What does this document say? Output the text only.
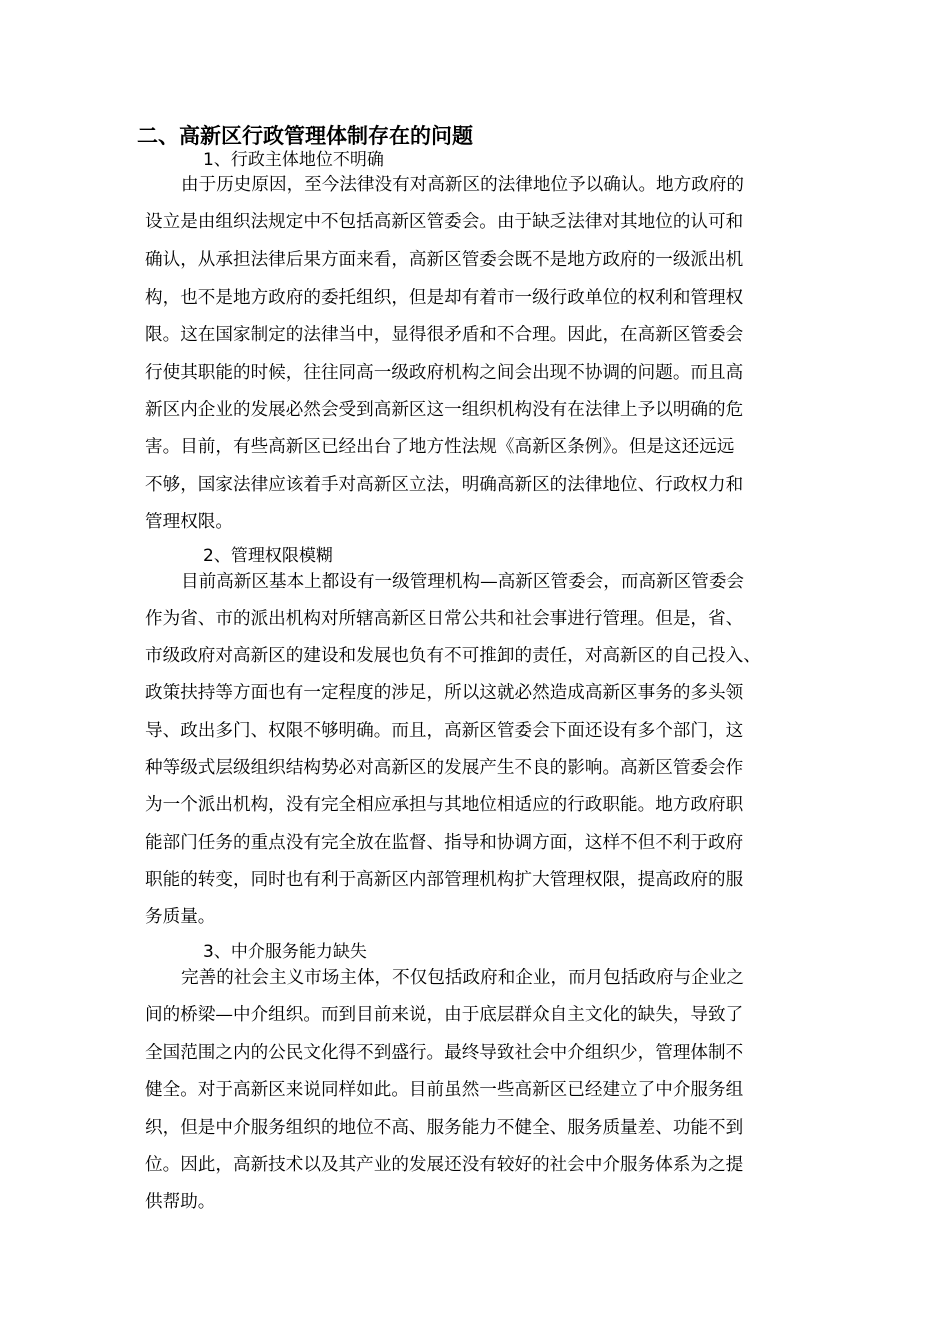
二、高新区行政管理体制存在的问题
1、行政主体地位不明确
由于历史原因，至今法律没有对高新区的法律地位予以确认。地方政府的
设立是由组织法规定中不包括高新区管委会。由于缺乏法律对其地位的认可和
确认，从承担法律后果方面来看，高新区管委会既不是地方政府的一级派出机
构，也不是地方政府的委托组织，但是却有着市一级行政单位的权利和管理权
限。这在国家制定的法律当中，显得很矛盾和不合理。因此，在高新区管委会
行使其职能的时候，往往同高一级政府机构之间会出现不协调的问题。而且高
新区内企业的发展必然会受到高新区这一组织机构没有在法律上予以明确的危
害。目前，有些高新区已经出台了地方性法规《高新区条例》。但是这还远远
不够，国家法律应该着手对高新区立法，明确高新区的法律地位、行政权力和
管理权限。
2、管理权限模糊
目前高新区基本上都设有一级管理机构—高新区管委会，而高新区管委会
作为省、市的派出机构对所辖高新区日常公共和社会事进行管理。但是，省、
市级政府对高新区的建设和发展也负有不可推卸的责任，对高新区的自己投入、
政策扶持等方面也有一定程度的涉足，所以这就必然造成高新区事务的多头领
导、政出多门、权限不够明确。而且，高新区管委会下面还设有多个部门，这
种等级式层级组织结构势必对高新区的发展产生不良的影响。高新区管委会作
为一个派出机构，没有完全相应承担与其地位相适应的行政职能。地方政府职
能部门任务的重点没有完全放在监督、指导和协调方面，这样不但不利于政府
职能的转变，同时也有利于高新区内部管理机构扩大管理权限，提高政府的服
务质量。
3、中介服务能力缺失
完善的社会主义市场主体，不仅包括政府和企业，而月包括政府与企业之
间的桥梁—中介组织。而到目前来说，由于底层群众自主文化的缺失，导致了
全国范围之内的公民文化得不到盛行。最终导致社会中介组织少，管理体制不
健全。对于高新区来说同样如此。目前虽然一些高新区已经建立了中介服务组
织，但是中介服务组织的地位不高、服务能力不健全、服务质量差、功能不到
位。因此，高新技术以及其产业的发展还没有较好的社会中介服务体系为之提
供帮助。
